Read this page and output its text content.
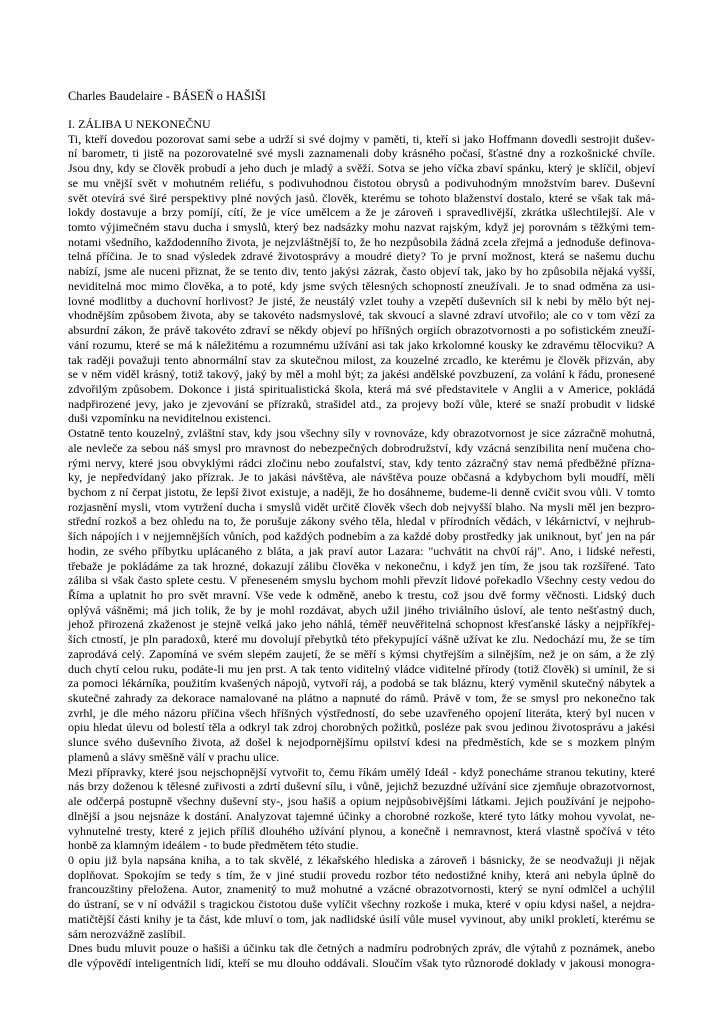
Charles Baudelaire - BÁSEŇ o HAŠIŠI
I. ZÁLIBA U NEKONEČNU
Ti, kteří dovedou pozorovat sami sebe a udrží si své dojmy v paměti, ti, kteří si jako Hoffmann dovedli sestrojit dušev-
ní barometr, ti jistě na pozorovatelné své mysli zaznamenali doby krásného počasí, šťastné dny a rozkošnické chvíle.
Jsou dny, kdy se člověk probudí a jeho duch je mladý a svěží. Sotva se jeho víčka zbaví spánku, který je sklíčil, objeví
se mu vnější svět v mohutném reliéfu, s podivuhodnou čistotou obrysů a podivuhodným množstvím barev. Duševní
svět otevírá své širé perspektivy plné nových jasů. člověk, kterému se tohoto blaženství dostalo, které se však tak má-
lokdy dostavuje a brzy pomíjí, cítí, že je více umělcem a že je zároveň i spravedlivější, zkrátka ušlechtilejší. Ale v
tomto výjimečném stavu ducha i smyslů, který bez nadsázky mohu nazvat rajským, když jej porovnám s těžkými tem-
notami všedního, každodenního života, je nejzvláštnější to, že ho nezpůsobila žádná zcela zřejmá a jednoduše definova-
telná příčina. Je to snad výsledek zdravé životosprávy a moudré diety? To je první možnost, která se našemu duchu
nabízí, jsme ale nuceni přiznat, že se tento div, tento jakýsi zázrak, často objeví tak, jako by ho způsobila nějaká vyšší,
neviditelná moc mimo člověka, a to poté, kdy jsme svých tělesných schopností zneužívali. Je to snad odměna za usi-
lovné modlitby a duchovní horlivost? Je jisté, že neustálý vzlet touhy a vzepětí duševních sil k nebi by mělo být nej-
vhodnějším způsobem života, aby se takovéto nadsmyslové, tak skvoucí a slavné zdraví utvořilo; ale co v tom vězí za
absurdní zákon, že právě takovéto zdraví se někdy objeví po hříšných orgiích obrazotvornosti a po sofistickém zneuží-
vání rozumu, které se má k náležitému a rozumnému užívání asi tak jako krkolomné kousky ke zdravému tělocviku? A
tak raději považuji tento abnormální stav za skutečnou milost, za kouzelné zrcadlo, ke kterému je člověk přizván, aby
se v něm viděl krásný, totiž takový, jaký by měl a mohl být; za jakési andělské povzbuzení, za volání k řádu, pronesené
zdvořilým způsobem. Dokonce i jistá spiritualistická škola, která má své představitele v Anglii a v Americe, pokládá
nadpřirozené jevy, jako je zjevování se přízraků, strašidel atd., za projevy boží vůle, které se snaží probudit v lidské
duši vzpomínku na neviditelnou existenci.
Ostatně tento kouzelný, zvláštní stav, kdy jsou všechny síly v rovnováze, kdy obrazotvornost je sice zázračně mohutná,
ale nevleče za sebou náš smysl pro mravnost do nebezpečných dobrodružství, kdy vzácná senzibilita není mučena cho-
rými nervy, které jsou obvyklými rádci zločinu nebo zoufalství, stav, kdy tento zázračný stav nemá předběžné přízna-
ky, je nepředvídaný jako přízrak. Je to jakási návštěva, ale návštěva pouze občasná a kdybychom byli moudří, měli
bychom z ní čerpat jistotu, že lepší život existuje, a naději, že ho dosáhneme, budeme-li denně cvičit svou vůli. V tomto
rozjasnění mysli, vtom vytržení ducha i smyslů vidět určitě člověk všech dob nejvyšší blaho. Na mysli měl jen bezpro-
střední rozkoš a bez ohledu na to, že porušuje zákony svého těla, hledal v přírodních vědách, v lékárnictví, v nejhrub-
ších nápojích i v nejjemnějších vůních, pod každých podnebím a za každé doby prostředky jak uniknout, byť jen na pár
hodin, ze svého příbytku uplácaného z bláta, a jak praví autor Lazara: "uchvátit na chv0í ráj". Ano, i lidské neřesti,
třebaže je pokládáme za tak hrozné, dokazují zálibu člověka v nekonečnu, i když jen tím, že jsou tak rozšířené. Tato
záliba si však často splete cestu. V přeneseném smyslu bychom mohli převzít lidové pořekadlo Všechny cesty vedou do
Říma a uplatnit ho pro svět mravní. Vše vede k odměně, anebo k trestu, což jsou dvě formy věčnosti. Lidský duch
oplývá vášněmi; má jich tolik, že by je mohl rozdávat, abych užil jiného triviálního úsloví, ale tento nešťastný duch,
jehož přirozená zkaženost je stejně velká jako jeho náhlá, téměř neuvěřitelná schopnost křesťanské lásky a nejpříkřej-
ších ctností, je pln paradoxů, které mu dovolují přebytků této překypující vášně užívat ke zlu. Nedochází mu, že se tím
zaprodává celý. Zapomíná ve svém slepém zaujetí, že se měří s kýmsi chytřejším a silnějším, než je on sám, a že zlý
duch chytí celou ruku, podáte-li mu jen prst. A tak tento viditelný vládce viditelné přírody (totiž člověk) si umínil, že si
za pomoci lékárníka, použitím kvašených nápojů, vytvoří ráj, a podobá se tak bláznu, který vyměnil skutečný nábytek a
skutečné zahrady za dekorace namalované na plátno a napnuté do rámů. Právě v tom, že se smysl pro nekonečno tak
zvrhl, je dle mého názoru příčina všech hříšných výstředností, do sebe uzavřeného opojení literáta, který byl nucen v
opiu hledat úlevu od bolestí těla a odkryl tak zdroj chorobných požitků, posléze pak svou jedinou životosprávu a jakési
slunce svého duševního života, až došel k nejodpornějšímu opilství kdesi na předměstích, kde se s mozkem plným
plamenů a slávy směšně válí v prachu ulice.
Mezi přípravky, které jsou nejschopnější vytvořit to, čemu říkám umělý Ideál - když ponecháme stranou tekutiny, které
nás brzy doženou k tělesné zuřivosti a zdrtí duševní sílu, i vůně, jejichž bezuzdné užívání sice zjemňuje obrazotvornost,
ale odčerpá postupně všechny duševní sty-, jsou hašiš a opium nejpůsobivějšími látkami. Jejich používání je nejpoho-
dlnější a jsou nejsnáze k dostání. Analyzovat tajemné účinky a chorobné rozkoše, které tyto látky mohou vyvolat, ne-
vyhnutelné tresty, které z jejich příliš dlouhého užívání plynou, a konečně i nemravnost, která vlastně spočívá v této
honbě za klamným ideálem - to bude předmětem této studie.
0 opiu již byla napsána kniha, a to tak skvělé, z lékařského hlediska a zároveň i básnicky, že se neodvažuji ji nějak
doplňovat. Spokojím se tedy s tím, že v jiné studii provedu rozbor této nedostižné knihy, která ani nebyla úplně do
francouzštiny přeložena. Autor, znamenitý to muž mohutné a vzácné obrazotvornosti, který se nyní odmlčel a uchýlil
do ústraní, se v ní odvážil s tragickou čistotou duše vylíčit všechny rozkoše i muka, které v opiu kdysi našel, a nejdra-
matičtější části knihy je ta část, kde mluví o tom, jak nadlidské úsilí vůle musel vyvinout, aby unikl prokletí, kterému se
sám nerozvážně zaslíbil.
Dnes budu mluvit pouze o hašiši a účinku tak dle četných a nadmíru podrobných zpráv, dle výtahů z poznámek, anebo
dle výpovědí inteligentních lidí, kteří se mu dlouho oddávali. Sloučím však tyto různorodé doklady v jakousi monogra-
